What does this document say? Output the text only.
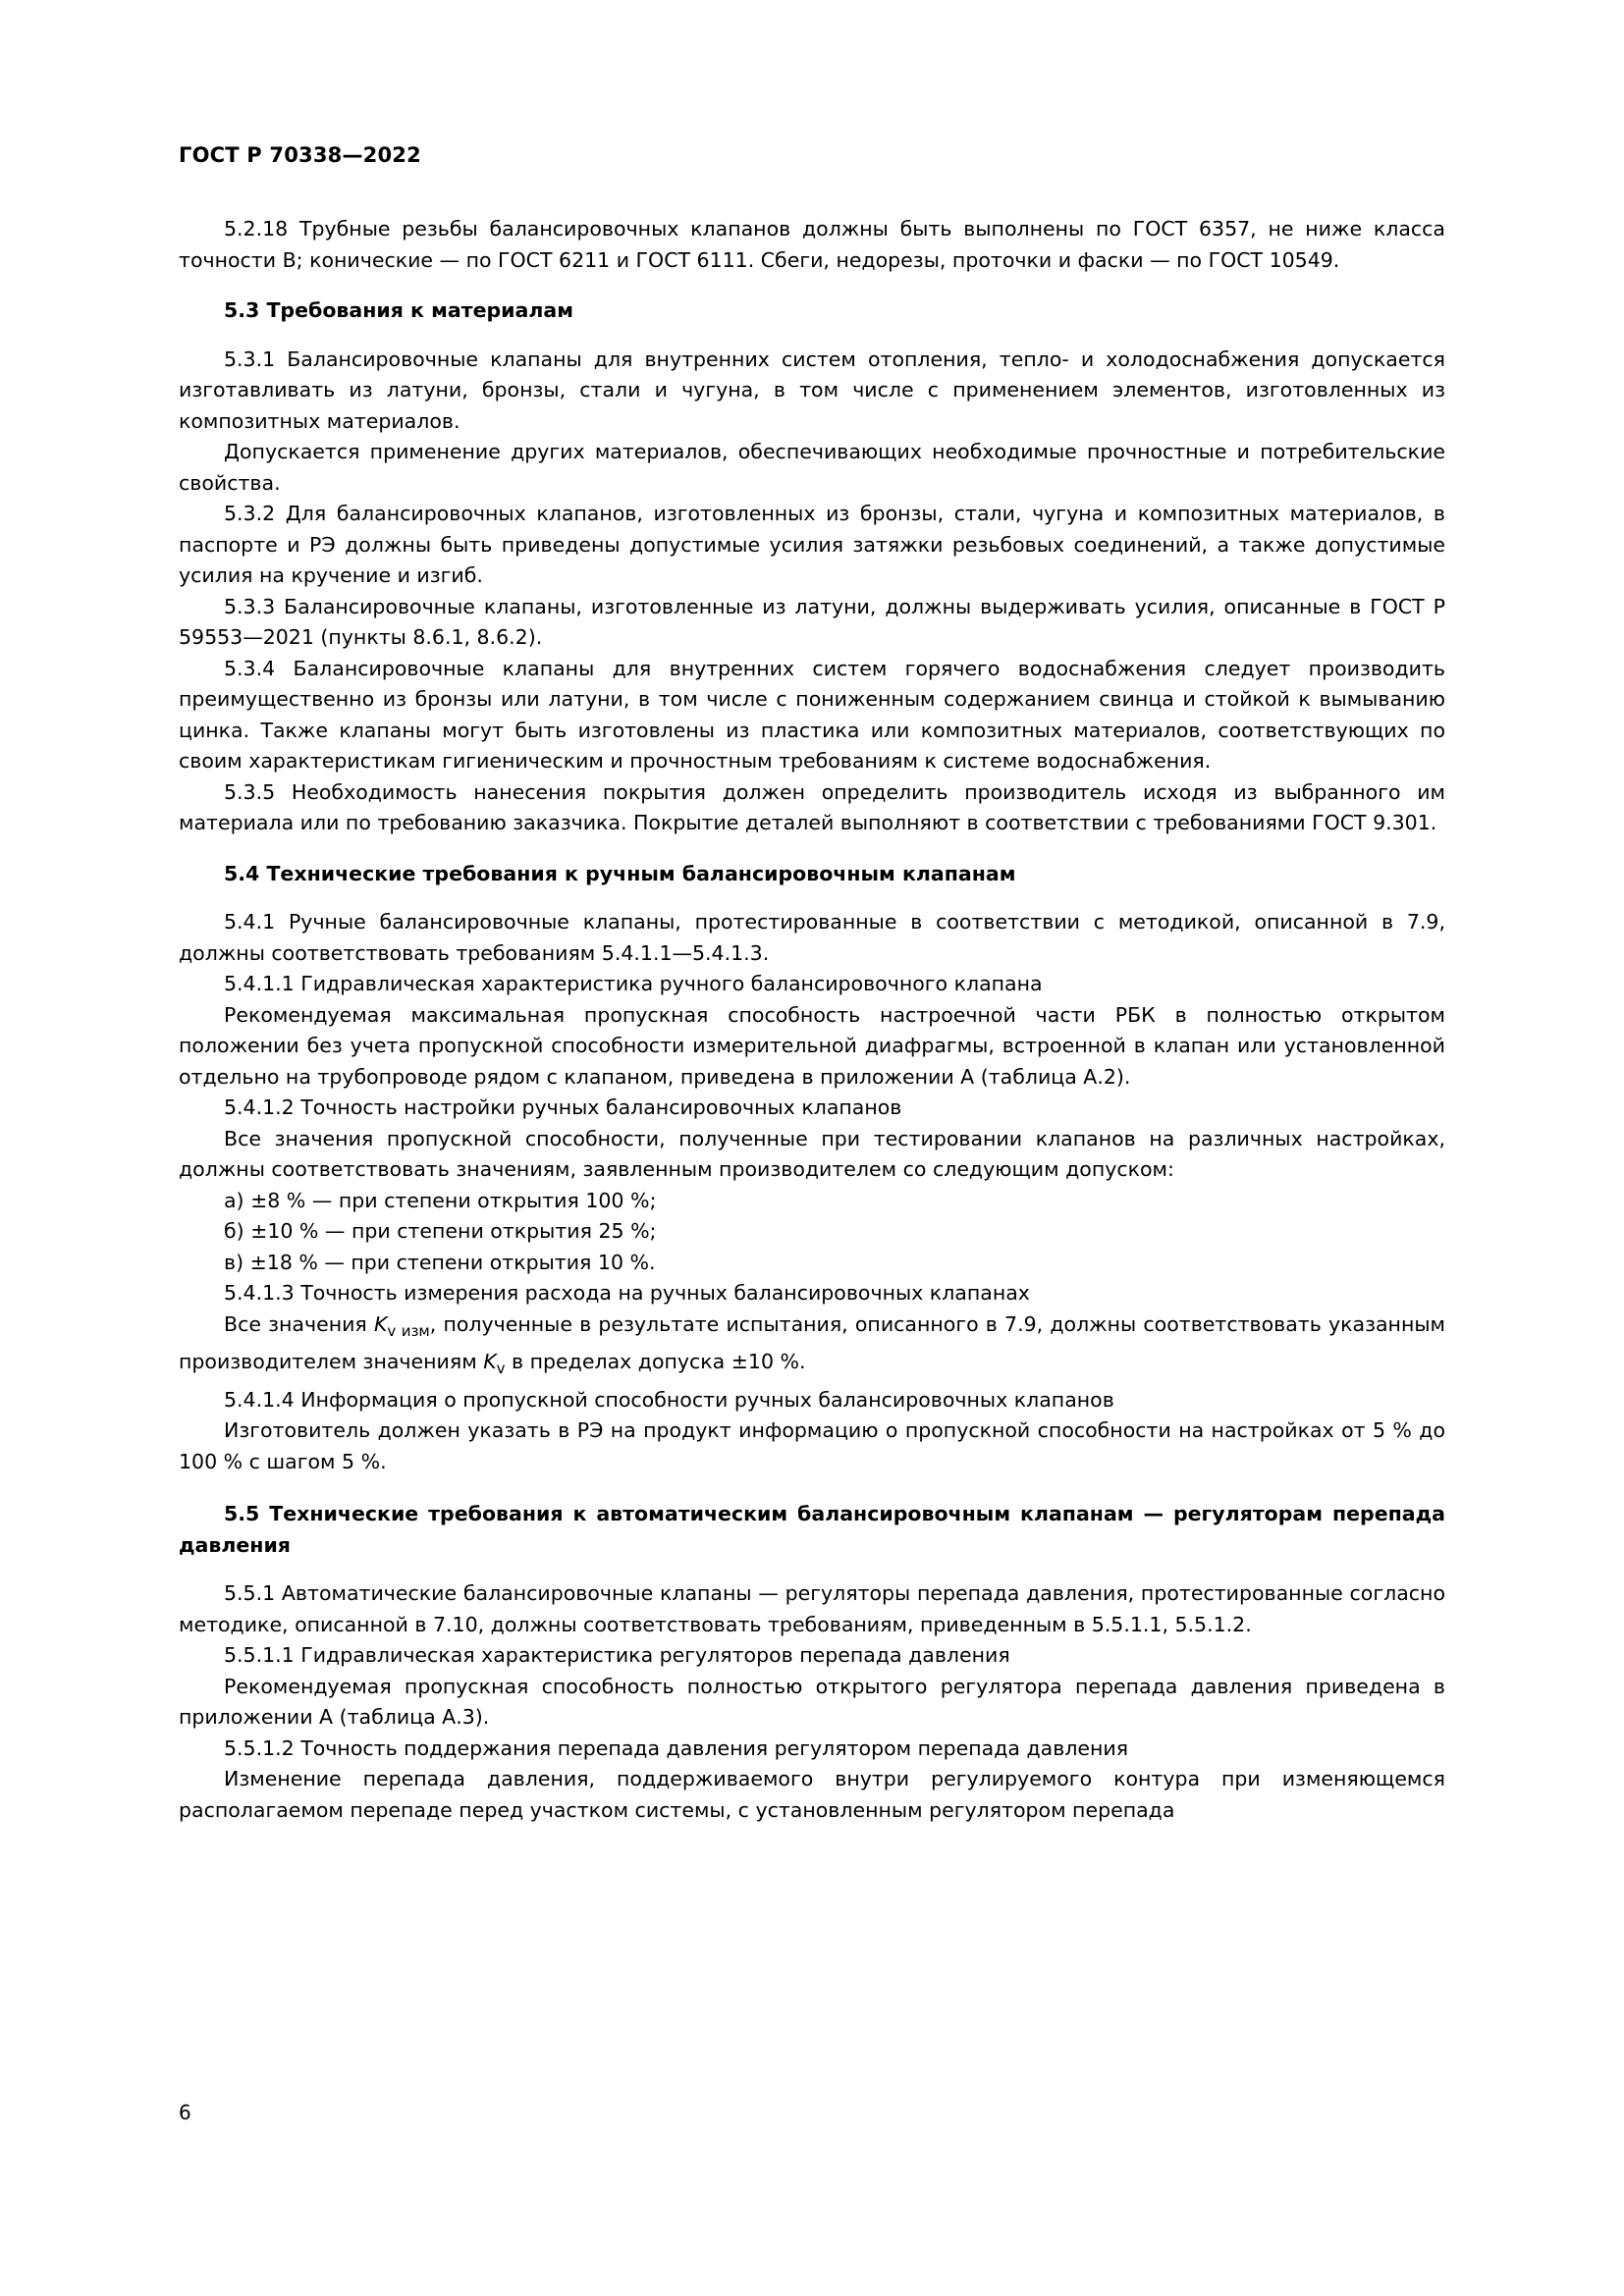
ГОСТ Р 70338—2022

5.2.18 Трубные резьбы балансировочных клапанов должны быть выполнены по ГОСТ 6357, не ниже класса точности В; конические — по ГОСТ 6211 и ГОСТ 6111. Сбеги, недорезы, проточки и фаски — по ГОСТ 10549.

5.3 Требования к материалам

5.3.1 Балансировочные клапаны для внутренних систем отопления, тепло- и холодоснабжения допускается изготавливать из латуни, бронзы, стали и чугуна, в том числе с применением элементов, изготовленных из композитных материалов.

Допускается применение других материалов, обеспечивающих необходимые прочностные и потребительские свойства.

5.3.2 Для балансировочных клапанов, изготовленных из бронзы, стали, чугуна и композитных материалов, в паспорте и РЭ должны быть приведены допустимые усилия затяжки резьбовых соединений, а также допустимые усилия на кручение и изгиб.

5.3.3 Балансировочные клапаны, изготовленные из латуни, должны выдерживать усилия, описанные в ГОСТ Р 59553—2021 (пункты 8.6.1, 8.6.2).

5.3.4 Балансировочные клапаны для внутренних систем горячего водоснабжения следует производить преимущественно из бронзы или латуни, в том числе с пониженным содержанием свинца и стойкой к вымыванию цинка. Также клапаны могут быть изготовлены из пластика или композитных материалов, соответствующих по своим характеристикам гигиеническим и прочностным требованиям к системе водоснабжения.

5.3.5 Необходимость нанесения покрытия должен определить производитель исходя из выбранного им материала или по требованию заказчика. Покрытие деталей выполняют в соответствии с требованиями ГОСТ 9.301.

5.4 Технические требования к ручным балансировочным клапанам

5.4.1 Ручные балансировочные клапаны, протестированные в соответствии с методикой, описанной в 7.9, должны соответствовать требованиям 5.4.1.1—5.4.1.3.

5.4.1.1 Гидравлическая характеристика ручного балансировочного клапана

Рекомендуемая максимальная пропускная способность настроечной части РБК в полностью открытом положении без учета пропускной способности измерительной диафрагмы, встроенной в клапан или установленной отдельно на трубопроводе рядом с клапаном, приведена в приложении А (таблица А.2).

5.4.1.2 Точность настройки ручных балансировочных клапанов

Все значения пропускной способности, полученные при тестировании клапанов на различных настройках, должны соответствовать значениям, заявленным производителем со следующим допуском:

а) ±8 % — при степени открытия 100 %;

б) ±10 % — при степени открытия 25 %;

в) ±18 % — при степени открытия 10 %.

5.4.1.3 Точность измерения расхода на ручных балансировочных клапанах

Все значения $K_{v изм}$, полученные в результате испытания, описанного в 7.9, должны соответствовать указанным производителем значениям $K_v$ в пределах допуска ±10 %.

5.4.1.4 Информация о пропускной способности ручных балансировочных клапанов

Изготовитель должен указать в РЭ на продукт информацию о пропускной способности на настройках от 5 % до 100 % с шагом 5 %.

5.5 Технические требования к автоматическим балансировочным клапанам — регуляторам перепада давления

5.5.1 Автоматические балансировочные клапаны — регуляторы перепада давления, протестированные согласно методике, описанной в 7.10, должны соответствовать требованиям, приведенным в 5.5.1.1, 5.5.1.2.

5.5.1.1 Гидравлическая характеристика регуляторов перепада давления

Рекомендуемая пропускная способность полностью открытого регулятора перепада давления приведена в приложении А (таблица А.3).

5.5.1.2 Точность поддержания перепада давления регулятором перепада давления

Изменение перепада давления, поддерживаемого внутри регулируемого контура при изменяющемся располагаемом перепаде перед участком системы, с установленным регулятором перепада

6
